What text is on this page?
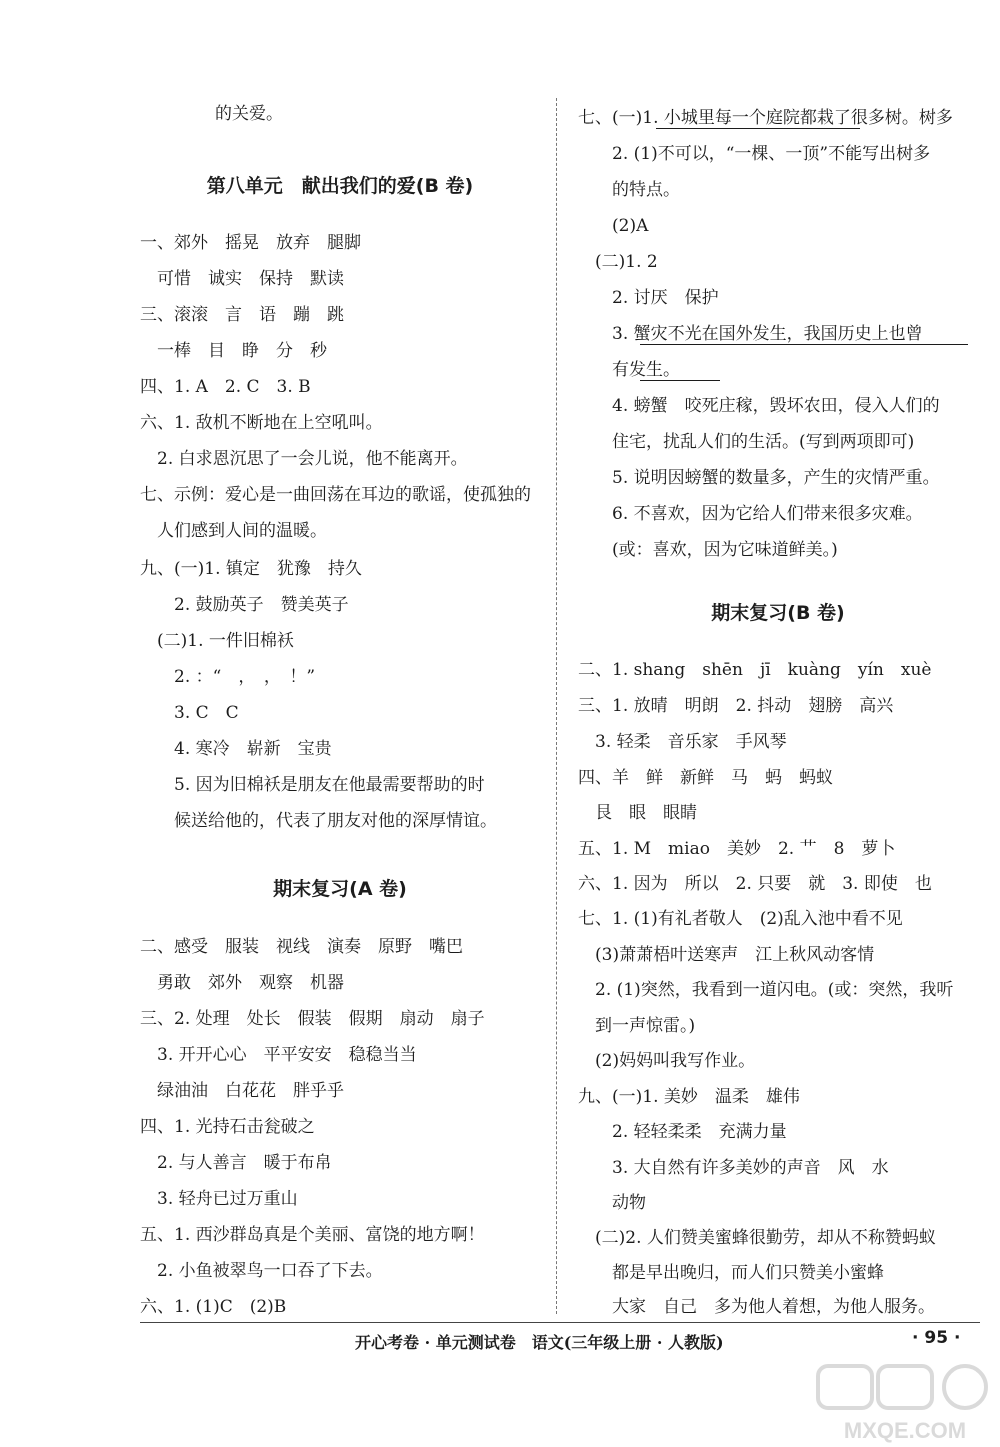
的关爱。
第八单元　献出我们的爱(B 卷)
一、郊外　摇晃　放弃　腿脚
　可惜　诚实　保持　默读
三、滚滚　言　语　蹦　跳
　一棒　目　睁　分　秒
四、1. A　2. C　3. B
六、1. 敌机不断地在上空吼叫。
　2. 白求恩沉思了一会儿说，他不能离开。
七、示例：爱心是一曲回荡在耳边的歌谣，使孤独的
　人们感到人间的温暖。
九、(一)1. 镇定　犹豫　持久
　　2. 鼓励英子　赞美英子
　(二)1. 一件旧棉袄
　　2. ：“　，　，　！”
　　3. C　C
　　4. 寒冷　崭新　宝贵
　　5. 因为旧棉袄是朋友在他最需要帮助的时
　　候送给他的，代表了朋友对他的深厚情谊。
期末复习(A 卷)
二、感受　服装　视线　演奏　原野　嘴巴
　勇敢　郊外　观察　机器
三、2. 处理　处长　假装　假期　扇动　扇子
　3. 开开心心　平平安安　稳稳当当
　绿油油　白花花　胖乎乎
四、1. 光持石击瓮破之
　2. 与人善言　暖于布帛
　3. 轻舟已过万重山
五、1. 西沙群岛真是个美丽、富饶的地方啊！
　2. 小鱼被翠鸟一口吞了下去。
六、1. (1)C　(2)B
七、(一)1. 小城里每一个庭院都栽了很多树。树多
　　2. (1)不可以，“一棵、一顶”不能写出树多
　　的特点。
　　(2)A
　(二)1. 2
　　2. 讨厌　保护
　　3. 蟹灾不光在国外发生，我国历史上也曾
　　有发生。
　　4. 螃蟹　咬死庄稼，毁坏农田，侵入人们的
　　住宅，扰乱人们的生活。(写到两项即可)
　　5. 说明因螃蟹的数量多，产生的灾情严重。
　　6. 不喜欢，因为它给人们带来很多灾难。
　　(或：喜欢，因为它味道鲜美。)
期末复习(B 卷)
二、1. shang　shēn　jī　kuàng　yín　xuè
三、1. 放晴　明朗　2. 抖动　翅膀　高兴
　3. 轻柔　音乐家　手风琴
四、羊　鲜　新鲜　马　蚂　蚂蚁
　艮　眼　眼睛
五、1. M　miao　美妙　2. 艹　8　萝卜
六、1. 因为　所以　2. 只要　就　3. 即使　也
七、1. (1)有礼者敬人　(2)乱入池中看不见
　(3)萧萧梧叶送寒声　江上秋风动客情
　2. (1)突然，我看到一道闪电。(或：突然，我听
　到一声惊雷。)
　(2)妈妈叫我写作业。
九、(一)1. 美妙　温柔　雄伟
　　2. 轻轻柔柔　充满力量
　　3. 大自然有许多美妙的声音　风　水
　　动物
　(二)2. 人们赞美蜜蜂很勤劳，却从不称赞蚂蚁
　　都是早出晚归，而人们只赞美小蜜蜂
　　大家　自己　多为他人着想，为他人服务。
开心考卷 · 单元测试卷　语文(三年级上册 · 人教版)	· 95 ·
MXQE.COM
